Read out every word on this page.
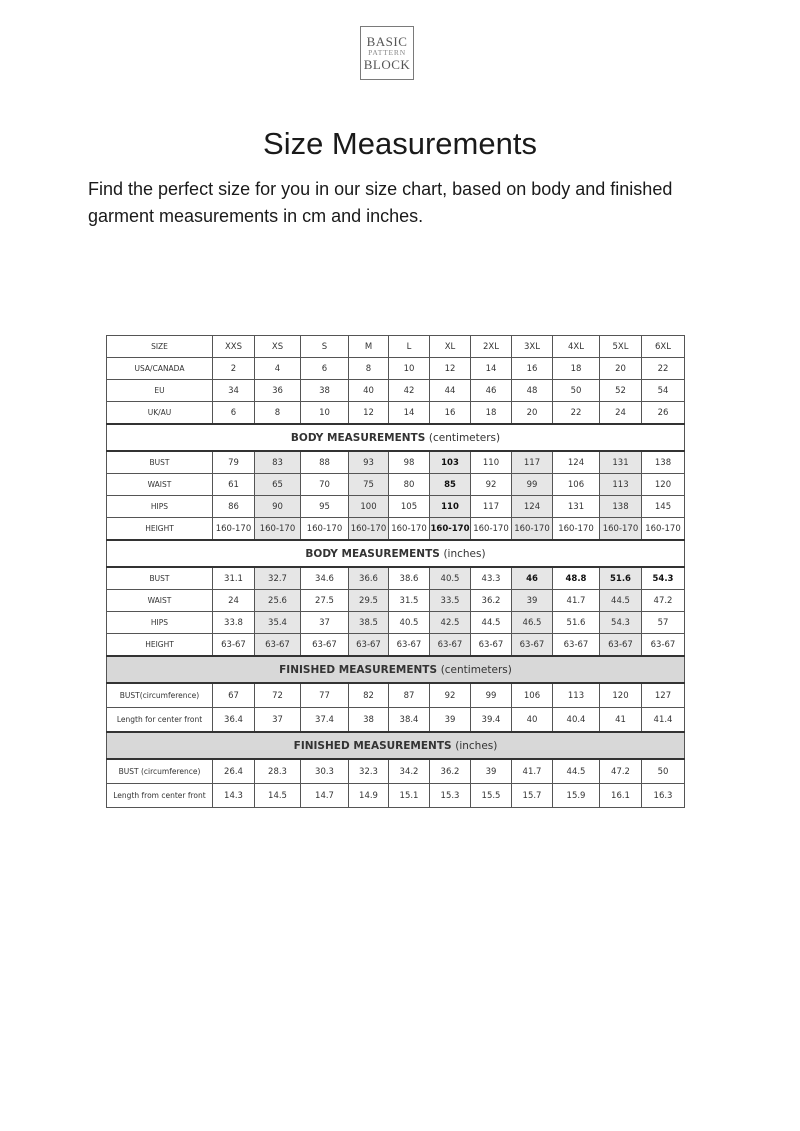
BASIC
PATTERN
BLOCK
Size Measurements

Find the perfect size for you in our size chart, based on body and finished garment measurements in cm and inches.

SIZE	XXS	XS	S	M	L	XL	2XL	3XL	4XL	5XL	6XL
USA/CANADA	2	4	6	8	10	12	14	16	18	20	22
EU	34	36	38	40	42	44	46	48	50	52	54
UK/AU	6	8	10	12	14	16	18	20	22	24	26
BODY MEASUREMENTS (centimeters)											
BUST	79	83	88	93	98	103	110	117	124	131	138
WAIST	61	65	70	75	80	85	92	99	106	113	120
HIPS	86	90	95	100	105	110	117	124	131	138	145
HEIGHT	160-170	160-170	160-170	160-170	160-170	160-170	160-170	160-170	160-170	160-170	160-170
BODY MEASUREMENTS (inches)											
BUST	31.1	32.7	34.6	36.6	38.6	40.5	43.3	46	48.8	51.6	54.3
WAIST	24	25.6	27.5	29.5	31.5	33.5	36.2	39	41.7	44.5	47.2
HIPS	33.8	35.4	37	38.5	40.5	42.5	44.5	46.5	51.6	54.3	57
HEIGHT	63-67	63-67	63-67	63-67	63-67	63-67	63-67	63-67	63-67	63-67	63-67
FINISHED MEASUREMENTS (centimeters)											
BUST(circumference)	67	72	77	82	87	92	99	106	113	120	127
Length for center front	36.4	37	37.4	38	38.4	39	39.4	40	40.4	41	41.4
FINISHED MEASUREMENTS (inches)											
BUST (circumference)	26.4	28.3	30.3	32.3	34.2	36.2	39	41.7	44.5	47.2	50
Length from center front	14.3	14.5	14.7	14.9	15.1	15.3	15.5	15.7	15.9	16.1	16.3
